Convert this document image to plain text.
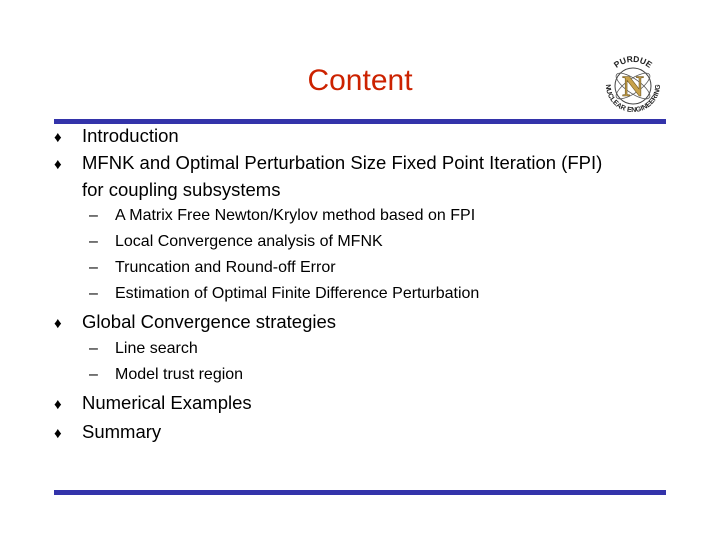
Content	N
PURDUE
NUCLEAR ENGINEERING
♦ Introduction
♦ MFNK and Optimal Perturbation Size Fixed Point Iteration (FPI)
for coupling subsystems
– A Matrix Free Newton/Krylov method based on FPI
– Local Convergence analysis of MFNK
– Truncation and Round-off Error
– Estimation of Optimal Finite Difference Perturbation
♦ Global Convergence strategies
– Line search
– Model trust region
♦ Numerical Examples
♦ Summary
